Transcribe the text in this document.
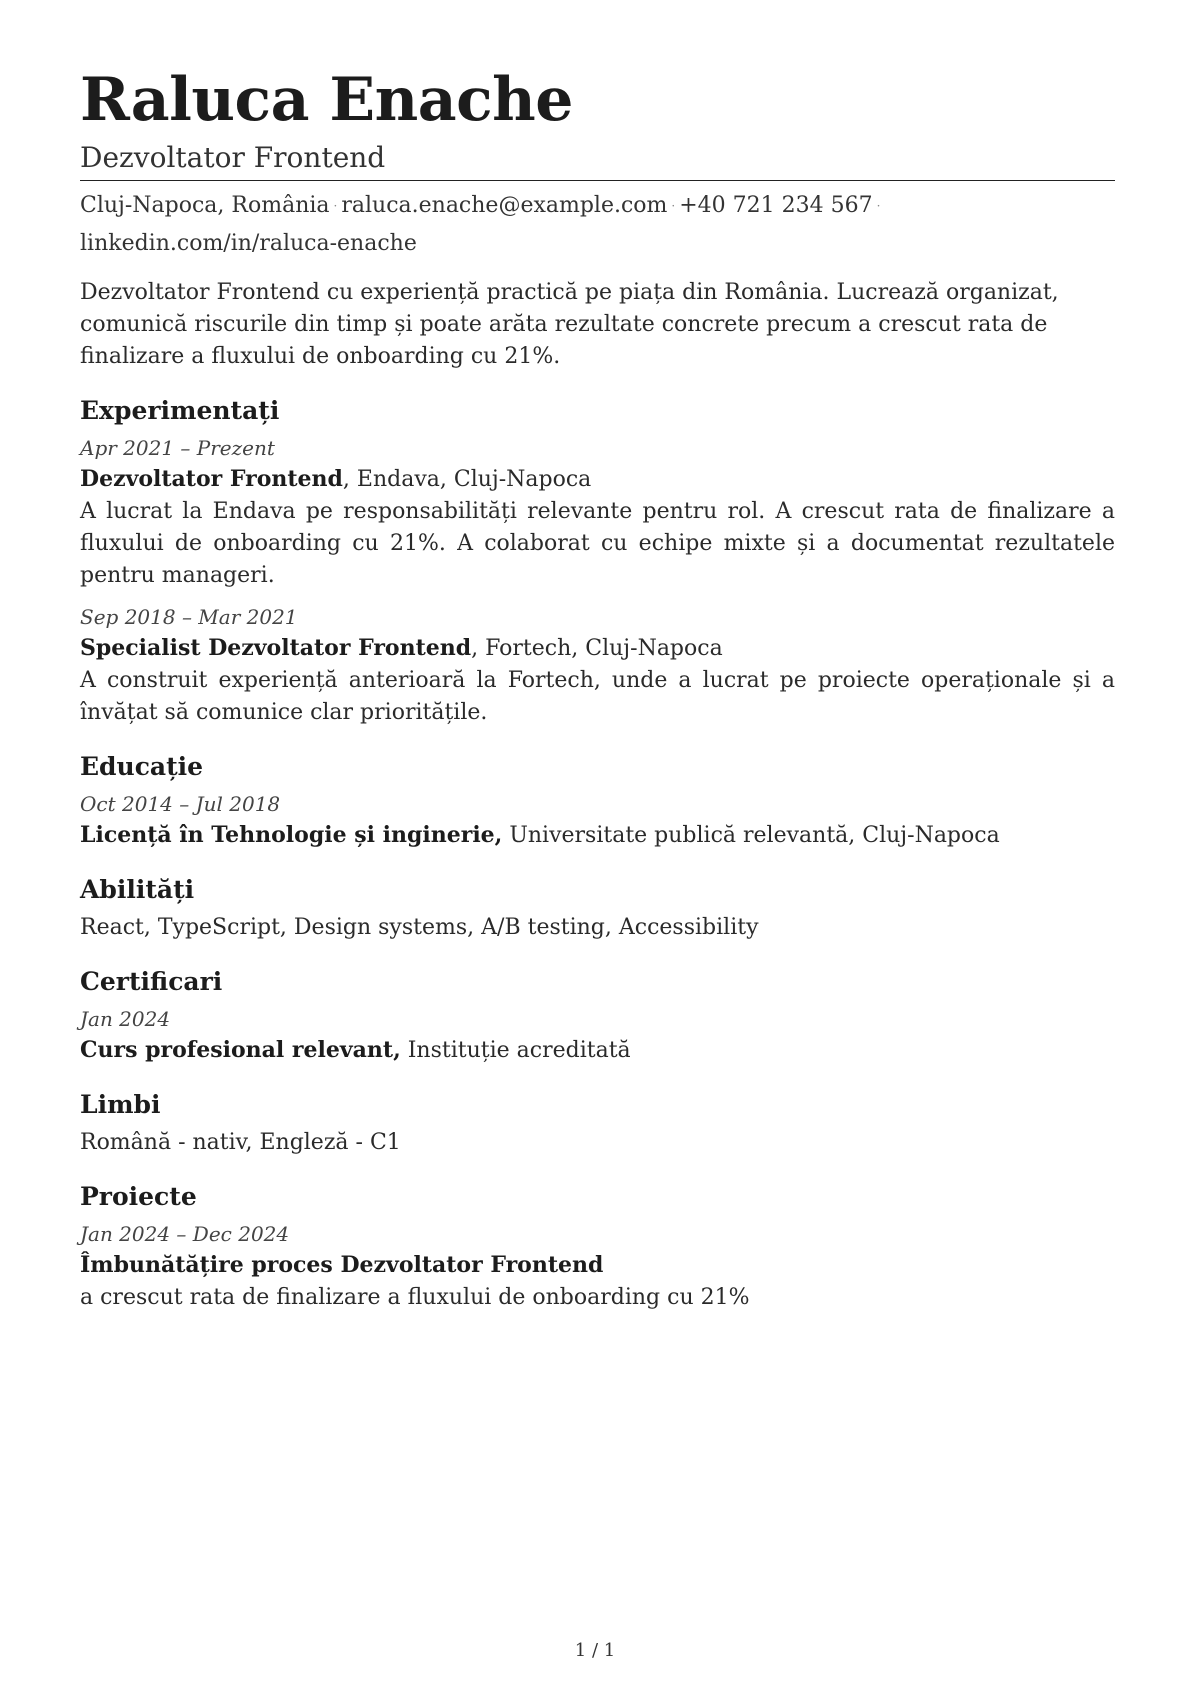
Raluca Enache

Dezvoltator Frontend

Cluj-Napoca, România · raluca.enache@example.com · +40 721 234 567 ·
linkedin.com/in/raluca-enache
Dezvoltator Frontend cu experiență practică pe piața din România. Lucrează organizat, comunică riscurile din timp și poate arăta rezultate concrete precum a crescut rata de finalizare a fluxului de onboarding cu 21%.
Experimentați
Apr 2021 – Prezent
Dezvoltator Frontend, Endava, Cluj-Napoca
A lucrat la Endava pe responsabilități relevante pentru rol. A crescut rata de finalizare a fluxului de onboarding cu 21%. A colaborat cu echipe mixte și a documentat rezultatele pentru manageri.
Sep 2018 – Mar 2021
Specialist Dezvoltator Frontend, Fortech, Cluj-Napoca
A construit experiență anterioară la Fortech, unde a lucrat pe proiecte operaționale și a învățat să comunice clar prioritățile.
Educație
Oct 2014 – Jul 2018
Licență în Tehnologie și inginerie, Universitate publică relevantă, Cluj-Napoca
Abilități
React, TypeScript, Design systems, A/B testing, Accessibility
Certificari
Jan 2024
Curs profesional relevant, Instituție acreditată
Limbi
Română - nativ, Engleză - C1
Proiecte
Jan 2024 – Dec 2024
Îmbunătățire proces Dezvoltator Frontend
a crescut rata de finalizare a fluxului de onboarding cu 21%
1 / 1
